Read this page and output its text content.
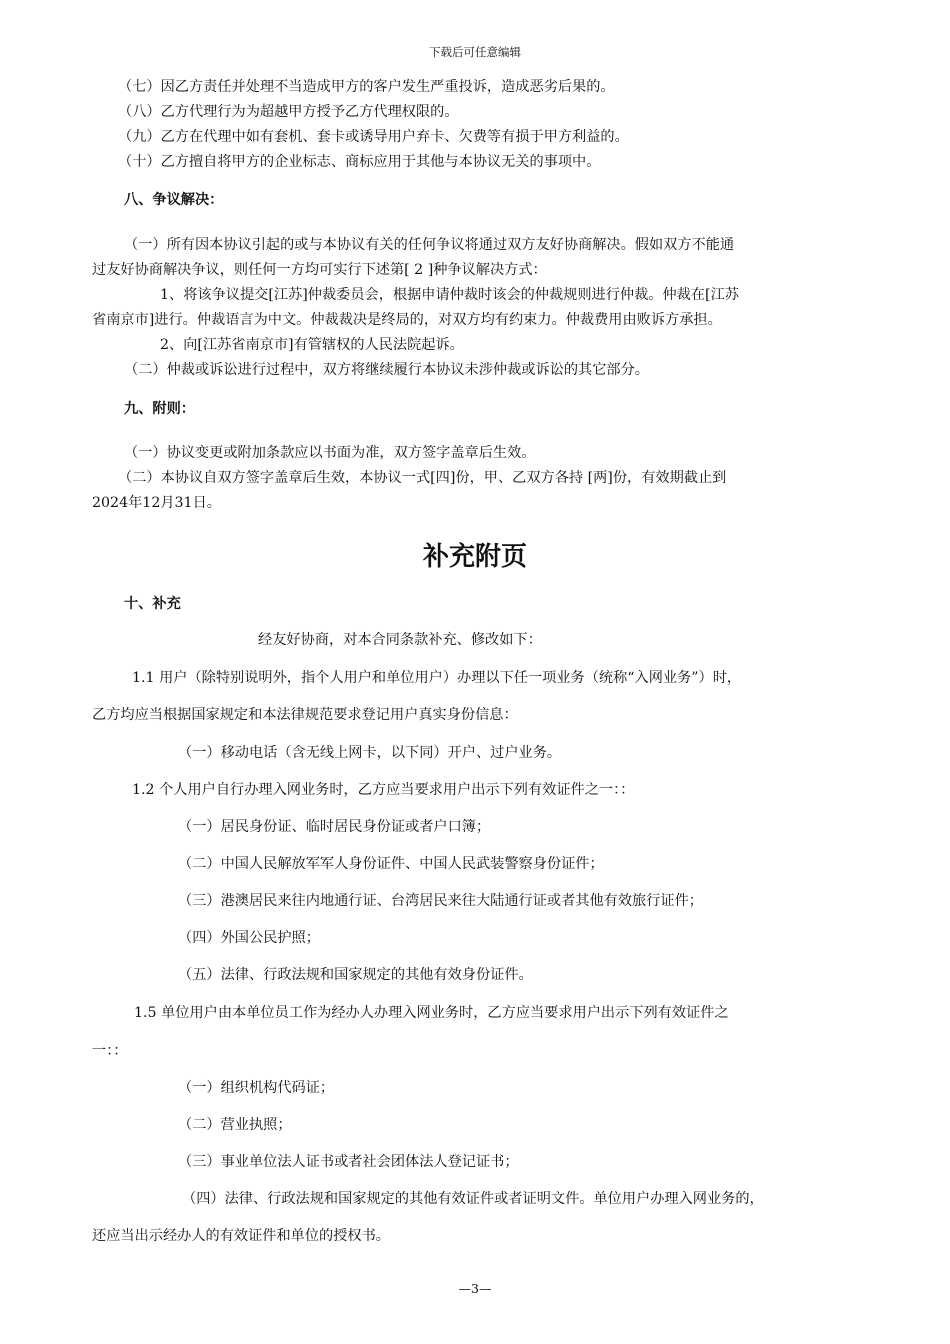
下载后可任意编辑
（七）因乙方责任并处理不当造成甲方的客户发生严重投诉，造成恶劣后果的。
（八）乙方代理行为为超越甲方授予乙方代理权限的。
（九）乙方在代理中如有套机、套卡或诱导用户弃卡、欠费等有损于甲方利益的。
（十）乙方擅自将甲方的企业标志、商标应用于其他与本协议无关的事项中。
八、争议解决：
（一）所有因本协议引起的或与本协议有关的任何争议将通过双方友好协商解决。假如双方不能通
过友好协商解决争议，则任何一方均可实行下述第[ 2 ]种争议解决方式：
1、将该争议提交[江苏]仲裁委员会，根据申请仲裁时该会的仲裁规则进行仲裁。仲裁在[江苏
省南京市]进行。仲裁语言为中文。仲裁裁决是终局的，对双方均有约束力。仲裁费用由败诉方承担。
2、向[江苏省南京市]有管辖权的人民法院起诉。
（二）仲裁或诉讼进行过程中，双方将继续履行本协议未涉仲裁或诉讼的其它部分。
九、附则：
（一）协议变更或附加条款应以书面为准，双方签字盖章后生效。
（二）本协议自双方签字盖章后生效，本协议一式[四]份，甲、乙双方各持 [两]份，有效期截止到
2024年12月31日。
补充附页
十、补充
经友好协商，对本合同条款补充、修改如下：
1.1 用户（除特别说明外，指个人用户和单位用户）办理以下任一项业务（统称“入网业务”）时，
乙方均应当根据国家规定和本法律规范要求登记用户真实身份信息：
（一）移动电话（含无线上网卡，以下同）开户、过户业务。
1.2 个人用户自行办理入网业务时，乙方应当要求用户出示下列有效证件之一：：
（一）居民身份证、临时居民身份证或者户口簿；
（二）中国人民解放军军人身份证件、中国人民武装警察身份证件；
（三）港澳居民来往内地通行证、台湾居民来往大陆通行证或者其他有效旅行证件；
（四）外国公民护照；
（五）法律、行政法规和国家规定的其他有效身份证件。
1.5 单位用户由本单位员工作为经办人办理入网业务时，乙方应当要求用户出示下列有效证件之
一：：
（一）组织机构代码证；
（二）营业执照；
（三）事业单位法人证书或者社会团体法人登记证书；
（四）法律、行政法规和国家规定的其他有效证件或者证明文件。单位用户办理入网业务的，
还应当出示经办人的有效证件和单位的授权书。
—3—
